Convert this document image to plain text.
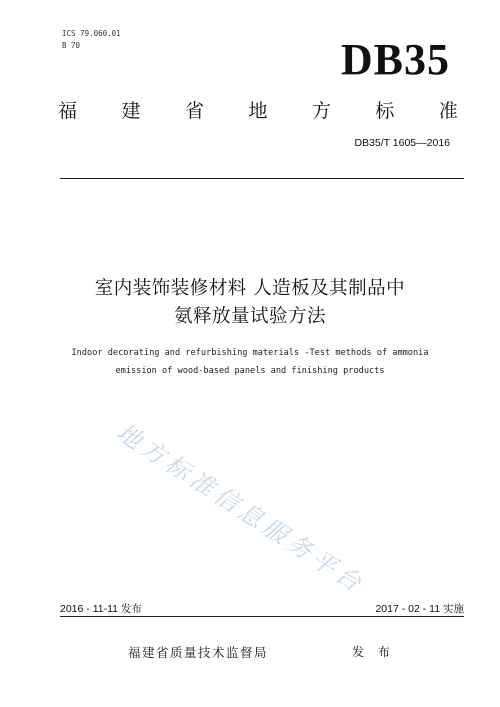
ICS 79.060.01
B 70	DB35
福 建 省 地 方 标 准
DB35/T 1605—2016
室内装饰装修材料 人造板及其制品中
氨释放量试验方法
Indoor decorating and refurbishing materials -Test methods of ammonia
emission of wood-based panels and finishing products
地方标准信息服务平台
2016 - 11-11 发布	2017 - 02 - 11 实施
福建省质量技术监督局	发 布
